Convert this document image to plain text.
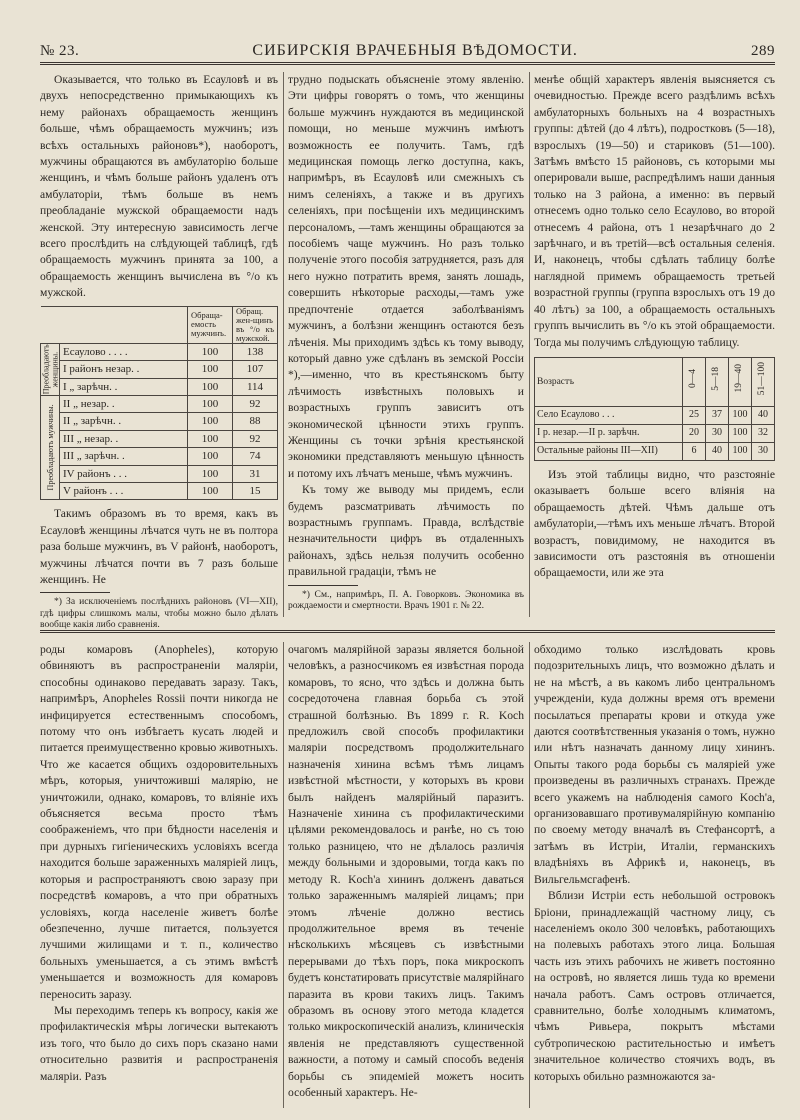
№ 23.	СИБИРСКІЯ ВРАЧЕБНЫЯ ВѢДОМОСТИ.	289

Оказывается, что только въ Есауловѣ и въ двухъ непосредственно примыкающихъ къ нему районахъ обращаемость женщинъ больше, чѣмъ обращаемость мужчинъ; изъ всѣхъ остальныхъ районовъ*), наоборотъ, мужчины обращаются въ амбулаторію больше женщинъ, и чѣмъ больше районъ удаленъ отъ амбулаторіи, тѣмъ больше въ немъ преобладаніе мужской обращаемости надъ женской. Эту интересную зависимость легче всего прослѣдить на слѣдующей таблицѣ, гдѣ обращаемость мужчинъ принята за 100, а обращаемость женщинъ вычислена въ °/о къ мужской.

		Обраща-емость мужчинъ.	Обращ. жен-щинъ въ °/о къ мужской.
Преобладаютъ женщины.	Есаулово . . . .	100	138
	I районъ незар. .	100	107
	I „ зарѣчн. .	100	114
Преобладаютъ мужчины.	II „ незар. .	100	92
	II „ зарѣчн. .	100	88
	III „ незар. .	100	92
	III „ зарѣчн. .	100	74
	IV районъ . . .	100	31
	V районъ . . .	100	15

Такимъ образомъ въ то время, какъ въ Есауловѣ женщины лѣчатся чуть не въ полтора раза больше мужчинъ, въ V районѣ, наоборотъ, мужчины лѣчатся почти въ 7 разъ больше женщинъ. Не

*) За исключеніемъ послѣднихъ районовъ (VI—XII), гдѣ цифры слишкомъ малы, чтобы можно было дѣлать вообще какія либо сравненія.

трудно подыскать объясненіе этому явленію. Эти цифры говорятъ о томъ, что женщины больше мужчинъ нуждаются въ медицинской помощи, но меньше мужчинъ имѣютъ возможность ее получить. Тамъ, гдѣ медицинская помощь легко доступна, какъ, напримѣръ, въ Есауловѣ или смежныхъ съ нимъ селеніяхъ, а также и въ другихъ селеніяхъ, при посѣщеніи ихъ медицинскимъ персоналомъ, —тамъ женщины обращаются за пособіемъ чаще мужчинъ. Но разъ только полученіе этого пособія затрудняется, разъ для него нужно потратить время, занять лошадь, совершить нѣкоторые расходы,—тамъ уже предпочтеніе отдается заболѣваніямъ мужчинъ, а болѣзни женщинъ остаются безъ лѣченія. Мы приходимъ здѣсь къ тому выводу, который давно уже сдѣланъ въ земской Россіи *),—именно, что въ крестьянскомъ быту лѣчимость извѣстныхъ половыхъ и возрастныхъ группъ зависитъ отъ экономической цѣнности этихъ группъ. Женщины съ точки зрѣнія крестьянской экономики представляютъ меньшую цѣнность и потому ихъ лѣчатъ меньше, чѣмъ мужчинъ.

Къ тому же выводу мы придемъ, если будемъ разсматривать лѣчимость по возрастнымъ группамъ. Правда, вслѣдствіе незначительности цифръ въ отдаленныхъ районахъ, здѣсь нельзя получить особенно правильной градаціи, тѣмъ не

*) См., напримѣръ, П. А. Говорковъ. Экономика въ рождаемости и смертности. Врачъ 1901 г. № 22.

менѣе общій характеръ явленія выясняется съ очевидностью. Прежде всего раздѣлимъ всѣхъ амбулаторныхъ больныхъ на 4 возрастныхъ группы: дѣтей (до 4 лѣтъ), подростковъ (5—18), взрослыхъ (19—50) и стариковъ (51—100). Затѣмъ вмѣсто 15 районовъ, съ которыми мы оперировали выше, распредѣлимъ наши данныя только на 3 района, а именно: въ первый отнесемъ одно только село Есаулово, во второй отнесемъ 4 района, отъ 1 незарѣчнаго до 2 зарѣчнаго, и въ третій—всѣ остальныя селенія. И, наконецъ, чтобы сдѣлать таблицу болѣе наглядной примемъ обращаемость третьей возрастной группы (группа взрослыхъ отъ 19 до 40 лѣтъ) за 100, а обращаемость остальныхъ группъ вычислить въ °/о къ этой обращаемости. Тогда мы получимъ слѣдующую таблицу.

Возрастъ	0—4	5—18	19—40	51—100
Село Есаулово . . .	25	37	100	40
I р. незар.—II р. зарѣчн.	20	30	100	32
Остальные районы III—XII)	6	40	100	30

Изъ этой таблицы видно, что разстояніе оказываетъ больше всего вліянія на обращаемость дѣтей. Чѣмъ дальше отъ амбулаторіи,—тѣмъ ихъ меньше лѣчатъ. Второй возрастъ, повидимому, не находится въ зависимости отъ разстоянія въ отношеніи обращаемости, или же эта

роды комаровъ (Anopheles), которую обвиняютъ въ распространеніи маляріи, способны одинаково передавать заразу. Такъ, напримѣръ, Anopheles Rossii почти никогда не инфицируется естественнымъ способомъ, потому что онъ избѣгаетъ кусать людей и питается преимущественно кровью животныхъ. Что же касается общихъ оздоровительныхъ мѣръ, которыя, уничтожившi малярію, не уничтожили, однако, комаровъ, то вліяніе ихъ объясняется весьма просто тѣмъ соображеніемъ, что при бѣдности населенія и при дурныхъ гигіеническихъ условіяхъ всегда находится больше зараженныхъ маляріей лицъ, которыя и распространяютъ свою заразу при посредствѣ комаровъ, а что при обратныхъ условіяхъ, когда населеніе живетъ болѣе обезпеченно, лучше питается, пользуется лучшими жилищами и т. п., количество больныхъ уменьшается, а съ этимъ вмѣстѣ уменьшается и возможность для комаровъ переносить заразу.

Мы переходимъ теперь къ вопросу, какія же профилактическія мѣры логически вытекаютъ изъ того, что было до сихъ поръ сказано нами относительно развитія и распространенія маляріи. Разъ

очагомъ малярійной заразы является больной человѣкъ, а разносчикомъ ея извѣстная порода комаровъ, то ясно, что здѣсь и должна быть сосредоточена главная борьба съ этой страшной болѣзнью. Въ 1899 г. R. Koch предложилъ свой способъ профилактики маляріи посредствомъ продолжительнаго назначенія хинина всѣмъ тѣмъ лицамъ извѣстной мѣстности, у которыхъ въ крови былъ найденъ малярійный паразитъ. Назначеніе хинина съ профилактическими цѣлями рекомендовалось и ранѣе, но съ тою только разницею, что не дѣлалось различія между больными и здоровыми, тогда какъ по методу R. Koch'а хининъ долженъ даваться только зараженнымъ маляріей лицамъ; при этомъ лѣченіе должно вестись продолжительное время въ теченіе нѣсколькихъ мѣсяцевъ съ извѣстными перерывами до тѣхъ поръ, пока микроскопъ будетъ констатировать присутствіе малярійнаго паразита въ крови такихъ лицъ. Такимъ образомъ въ основу этого метода кладется только микроскопическій анализъ, клиническія явленія не представляютъ существенной важности, а потому и самый способъ веденія борьбы съ эпидеміей можетъ носить особенный характеръ. Не-

обходимо только изслѣдовать кровь подозрительныхъ лицъ, что возможно дѣлать и не на мѣстѣ, а въ какомъ либо центральномъ учрежденіи, куда должны время отъ времени посылаться препараты крови и откуда уже даются соотвѣтственныя указанія о томъ, нужно или нѣтъ назначать данному лицу хининъ. Опыты такого рода борьбы съ маляріей уже произведены въ различныхъ странахъ. Прежде всего укажемъ на наблюденія самого Koch'а, организовавшаго противумалярійную компанію по своему методу вначалѣ въ Стефансортѣ, а затѣмъ въ Истріи, Италіи, германскихъ владѣніяхъ въ Африкѣ и, наконецъ, въ Вильгельмсгафенѣ.

Вблизи Истріи есть небольшой островокъ Бріони, принадлежащій частному лицу, съ населеніемъ около 300 человѣкъ, работающихъ на полевыхъ работахъ этого лица. Большая часть изъ этихъ рабочихъ не живетъ постоянно на островѣ, но является лишь туда ко времени начала работъ. Самъ островъ отличается, сравнительно, болѣе холоднымъ климатомъ, чѣмъ Ривьера, покрытъ мѣстами субтропическою растительностью и имѣетъ значительное количество стоячихъ водъ, въ которыхъ обильно размножаются за-
